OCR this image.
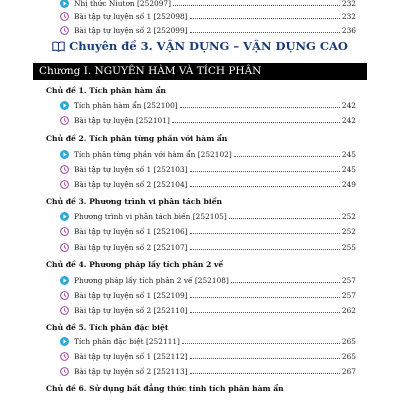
Nhị thức Niutơn [252097]	232
Bài tập tự luyện số 1 [252098]	232
Bài tập tự luyện số 2 [252099]	236
Chuyên đề 3. VẬN DỤNG – VẬN DỤNG CAO
Chương I. NGUYÊN HÀM VÀ TÍCH PHÂN
Chủ đề 1. Tích phân hàm ẩn
Tích phân hàm ẩn [252100]	242
Bài tập tự luyện [252101]	242
Chủ đề 2. Tích phân từng phần với hàm ẩn
Tích phân từng phần với hàm ẩn [252102]	245
Bài tập tự luyện số 1 [252103]	245
Bài tập tự luyện số 2 [252104]	249
Chủ đề 3. Phương trình vi phân tách biến
Phương trình vi phân tách biến [252105]	252
Bài tập tự luyện số 1 [252106]	252
Bài tập tự luyện số 2 [252107]	255
Chủ đề 4. Phương pháp lấy tích phân 2 vế
Phương pháp lấy tích phân 2 vế [252108]	257
Bài tập tự luyện số 1 [252109]	257
Bài tập tự luyện số 2 [252110]	262
Chủ đề 5. Tích phân đặc biệt
Tích phân đặc biệt [252111]	265
Bài tập tự luyện số 1 [252112]	265
Bài tập tự luyện số 2 [252113]	267
Chủ đề 6. Sử dụng bất đẳng thức tính tích phân hàm ẩn
